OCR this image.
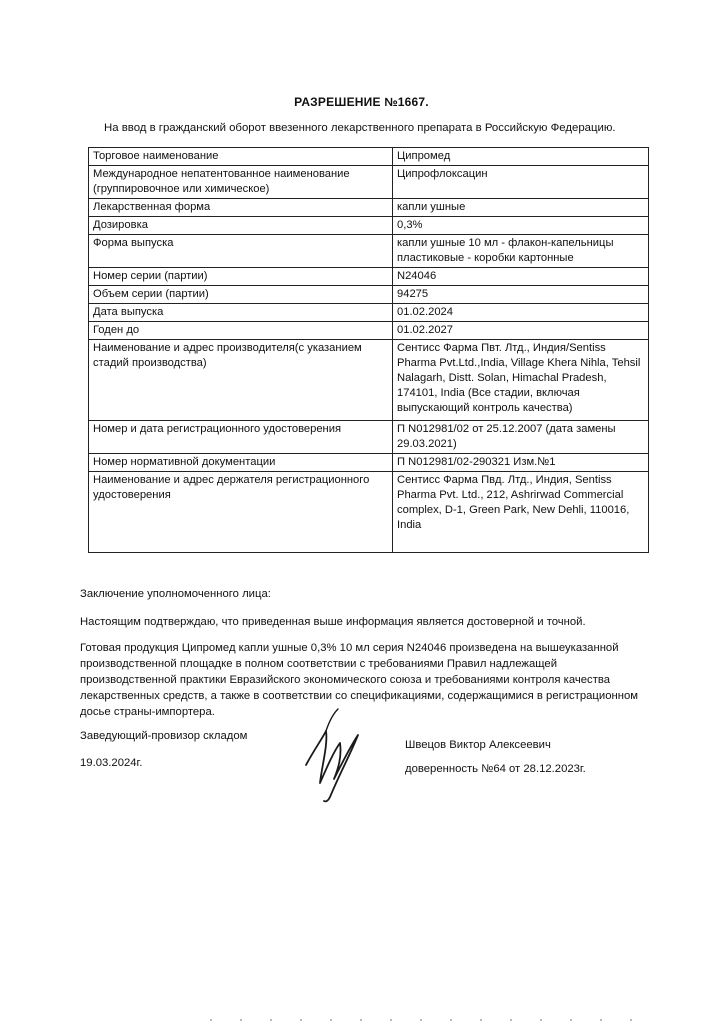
РАЗРЕШЕНИЕ №1667.
На ввод в гражданский оборот ввезенного лекарственного препарата в Российскую Федерацию.
Торговое наименование	Ципромед
Международное непатентованное наименование (группировочное или химическое)	Ципрофлоксацин
Лекарственная форма	капли ушные
Дозировка	0,3%
Форма выпуска	капли ушные 10 мл - флакон-капельницы пластиковые - коробки картонные
Номер серии (партии)	N24046
Объем серии (партии)	94275
Дата выпуска	01.02.2024
Годен до	01.02.2027
Наименование и адрес производителя(с указанием стадий производства)	Сентисс Фарма Пвт. Лтд., Индия/Sentiss Pharma Pvt.Ltd.,India, Village Khera Nihla, Tehsil Nalagarh, Distt. Solan, Himachal Pradesh, 174101, India (Все стадии, включая выпускающий контроль качества)
Номер и дата регистрационного удостоверения	П N012981/02 от 25.12.2007 (дата замены 29.03.2021)
Номер нормативной документации	П N012981/02-290321 Изм.№1
Наименование и адрес держателя регистрационного удостоверения	Сентисс Фарма Пвд. Лтд., Индия, Sentiss Pharma Pvt. Ltd., 212, Ashrirwad Commercial complex, D-1, Green Park, New Dehli, 110016, India
Заключение уполномоченного лица:
Настоящим подтверждаю, что приведенная выше информация является достоверной и точной.
Готовая продукция Ципромед капли ушные 0,3% 10 мл серия N24046 произведена на вышеуказанной производственной площадке в полном соответствии с требованиями Правил надлежащей производственной практики Евразийского экономического союза и требованиями контроля качества лекарственных средств, а также в соответствии со спецификациями, содержащимися в регистрационном досье страны-импортера.
Заведующий-провизор складом
19.03.2024г.
Швецов Виктор Алексеевич
доверенность №64 от 28.12.2023г.
